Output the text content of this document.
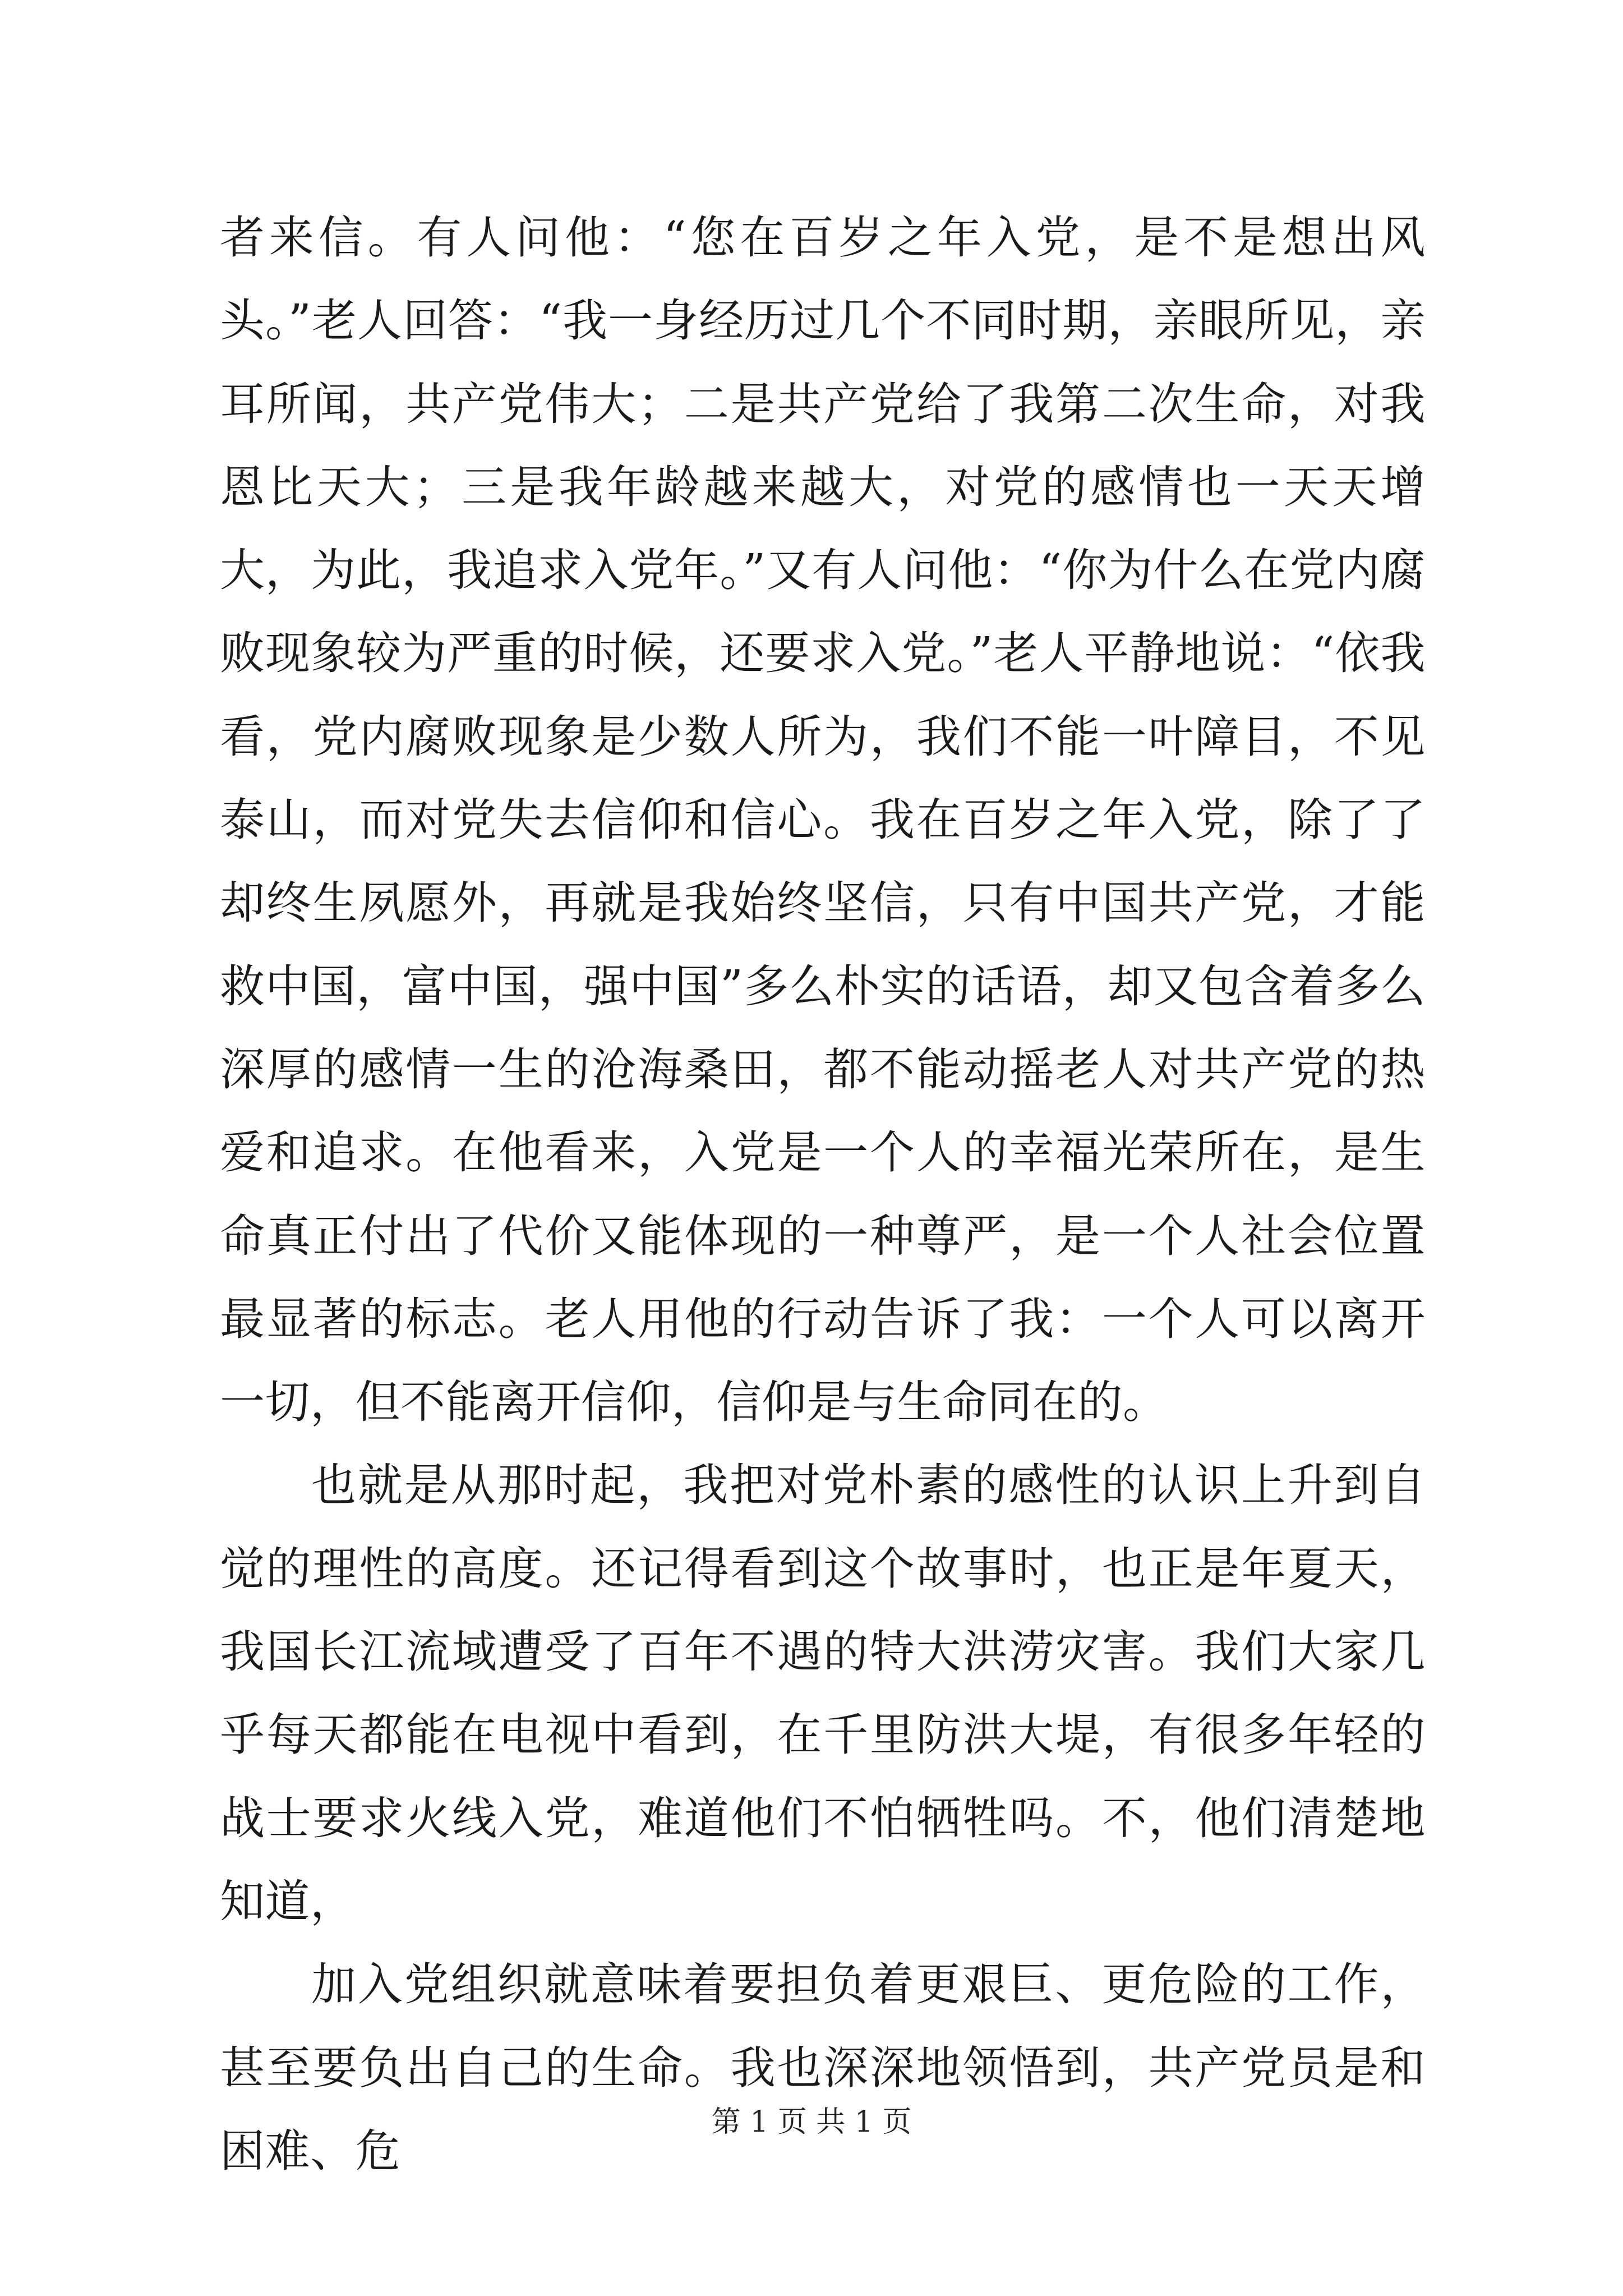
者来信。有人问他：“您在百岁之年入党，是不是想出风头。”老人回答：“我一身经历过几个不同时期，亲眼所见，亲耳所闻，共产党伟大；二是共产党给了我第二次生命，对我恩比天大；三是我年龄越来越大，对党的感情也一天天增大，为此，我追求入党年。”又有人问他：“你为什么在党内腐败现象较为严重的时候，还要求入党。”老人平静地说：“依我看，党内腐败现象是少数人所为，我们不能一叶障目，不见泰山，而对党失去信仰和信心。我在百岁之年入党，除了了却终生夙愿外，再就是我始终坚信，只有中国共产党，才能救中国，富中国，强中国”多么朴实的话语，却又包含着多么深厚的感情一生的沧海桑田，都不能动摇老人对共产党的热爱和追求。在他看来，入党是一个人的幸福光荣所在，是生命真正付出了代价又能体现的一种尊严，是一个人社会位置最显著的标志。老人用他的行动告诉了我：一个人可以离开一切，但不能离开信仰，信仰是与生命同在的。

也就是从那时起，我把对党朴素的感性的认识上升到自觉的理性的高度。还记得看到这个故事时，也正是年夏天，我国长江流域遭受了百年不遇的特大洪涝灾害。我们大家几乎每天都能在电视中看到，在千里防洪大堤，有很多年轻的战士要求火线入党，难道他们不怕牺牲吗。不，他们清楚地知道，

加入党组织就意味着要担负着更艰巨、更危险的工作，甚至要负出自己的生命。我也深深地领悟到，共产党员是和困难、危

第 1 页 共 1 页
